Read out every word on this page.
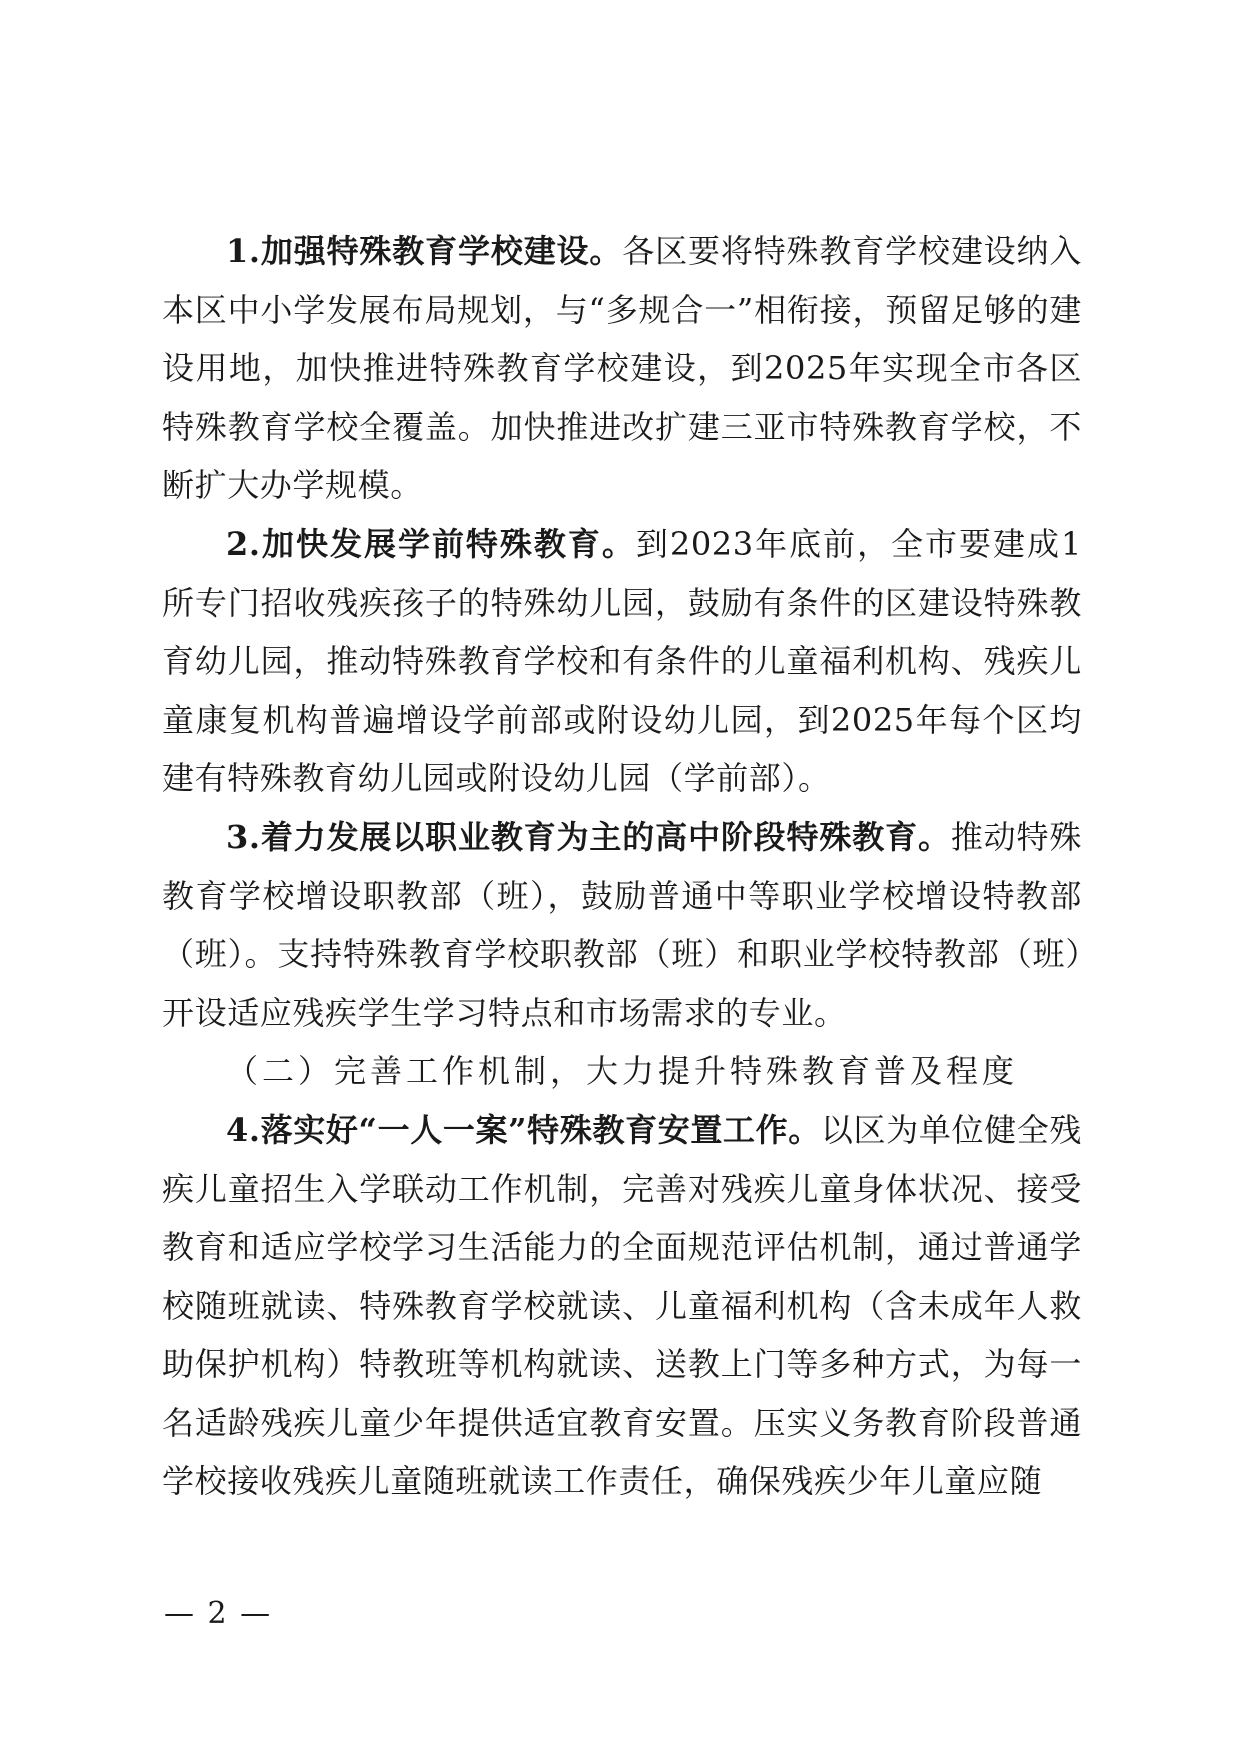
1.加强特殊教育学校建设。各区要将特殊教育学校建设纳入本区中小学发展布局规划，与“多规合一”相衔接，预留足够的建设用地，加快推进特殊教育学校建设，到2025年实现全市各区特殊教育学校全覆盖。加快推进改扩建三亚市特殊教育学校，不断扩大办学规模。

2.加快发展学前特殊教育。到2023年底前，全市要建成1所专门招收残疾孩子的特殊幼儿园，鼓励有条件的区建设特殊教育幼儿园，推动特殊教育学校和有条件的儿童福利机构、残疾儿童康复机构普遍增设学前部或附设幼儿园，到2025年每个区均建有特殊教育幼儿园或附设幼儿园（学前部）。

3.着力发展以职业教育为主的高中阶段特殊教育。推动特殊教育学校增设职教部（班），鼓励普通中等职业学校增设特教部（班）。支持特殊教育学校职教部（班）和职业学校特教部（班）开设适应残疾学生学习特点和市场需求的专业。

（二）完善工作机制，大力提升特殊教育普及程度

4.落实好“一人一案”特殊教育安置工作。以区为单位健全残疾儿童招生入学联动工作机制，完善对残疾儿童身体状况、接受教育和适应学校学习生活能力的全面规范评估机制，通过普通学校随班就读、特殊教育学校就读、儿童福利机构（含未成年人救助保护机构）特教班等机构就读、送教上门等多种方式，为每一名适龄残疾儿童少年提供适宜教育安置。压实义务教育阶段普通学校接收残疾儿童随班就读工作责任，确保残疾少年儿童应随

— 2 —
